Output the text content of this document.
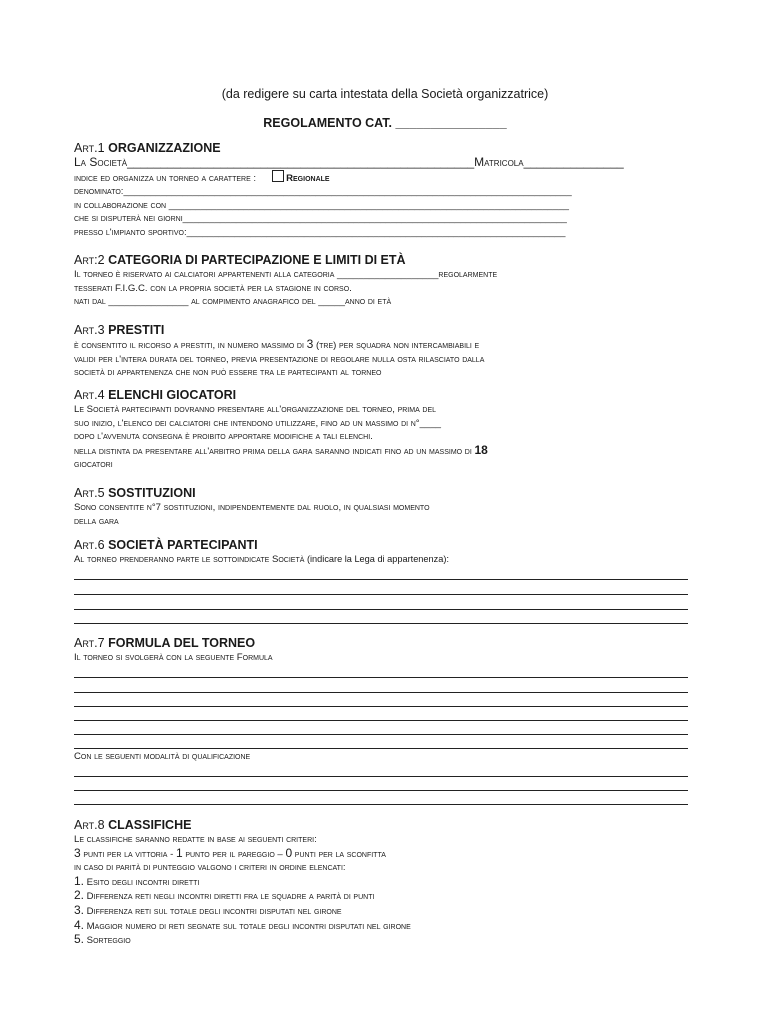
(da redigere su carta intestata della Società organizzatrice)
REGOLAMENTO CAT. ________________

Art.1 ORGANIZZAZIONE

La Società____________________________________________________Matricola_______________

indice ed organizza un torneo a carattere :	Regionale

denominato:____________________________________________________________________________________

in collaborazione con ___________________________________________________________________________

che si disputerà nei giorni________________________________________________________________________

presso l'impianto sportivo:_______________________________________________________________________

Art:2 CATEGORIA DI PARTECIPAZIONE E LIMITI DI ETÀ

Il torneo è riservato ai calciatori appartenenti alla categoria ___________________regolarmente

tesserati F.I.G.C. con la propria società per la stagione in corso.

nati dal _______________ al compimento anagrafico del _____anno di età

Art.3 PRESTITI

è consentito il ricorso a prestiti, in numero massimo di 3 (tre) per squadra non intercambiabili e

validi per l'intera durata del torneo, previa presentazione di regolare nulla osta rilasciato dalla

società di appartenenza che non può essere tra le partecipanti al torneo

Art.4 ELENCHI GIOCATORI

Le Società partecipanti dovranno presentare all'organizzazione del torneo, prima del

suo inizio, l'elenco dei calciatori che intendono utilizzare, fino ad un massimo di n°____

dopo l'avvenuta consegna è proibito apportare modifiche a tali elenchi.

nella distinta da presentare all'arbitro prima della gara saranno indicati fino ad un massimo di 18

giocatori

Art.5 SOSTITUZIONI

Sono consentite n°7 sostituzioni, indipendentemente dal ruolo, in qualsiasi momento

della gara

Art.6 SOCIETÀ PARTECIPANTI

Al torneo prenderanno parte le sottoindicate Società (indicare la Lega di appartenenza):

Art.7 FORMULA DEL TORNEO

Il torneo si svolgerà con la seguente Formula

Con le seguenti modalità di qualificazione

Art.8 CLASSIFICHE

Le classifiche saranno redatte in base ai seguenti criteri:

3 punti per la vittoria - 1 punto per il pareggio – 0 punti per la sconfitta

in caso di parità di punteggio valgono i criteri in ordine elencati:

1. Esito degli incontri diretti

2. Differenza reti negli incontri diretti fra le squadre a parità di punti

3. Differenza reti sul totale degli incontri disputati nel girone

4. Maggior numero di reti segnate sul totale degli incontri disputati nel girone

5. Sorteggio
